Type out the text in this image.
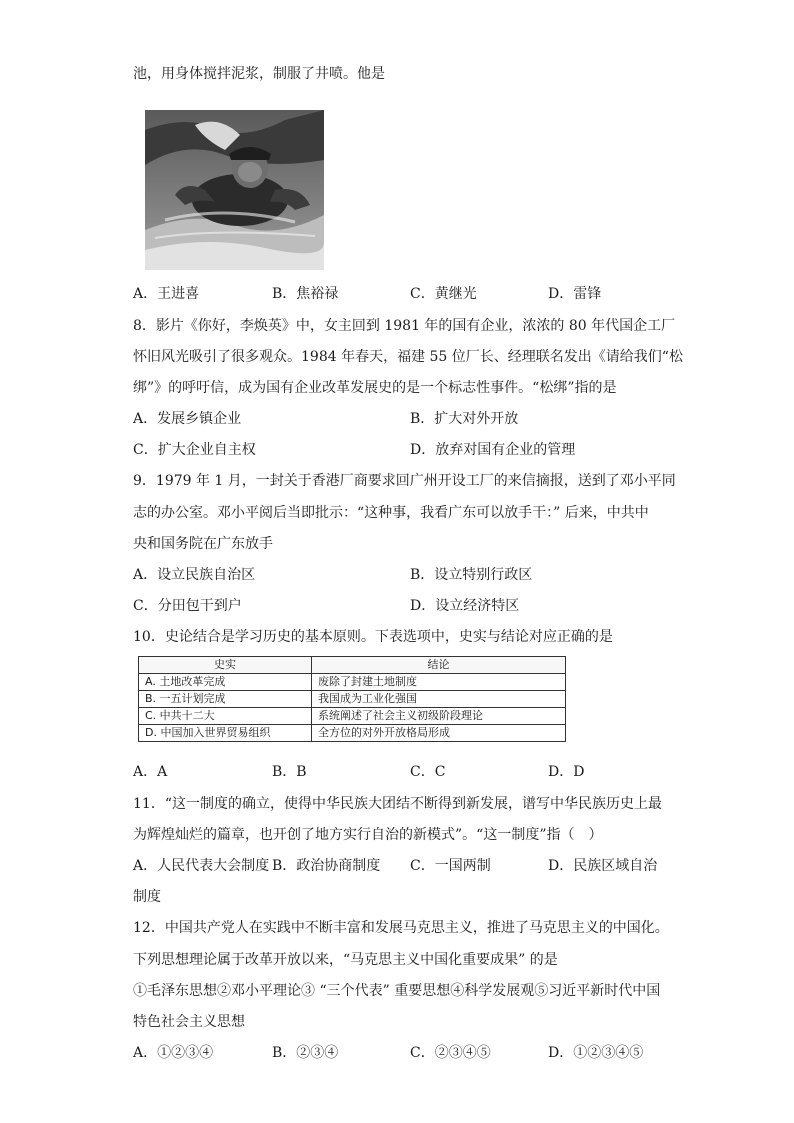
池，用身体搅拌泥浆，制服了井喷。他是
A．王进喜	B．焦裕禄	C．黄继光	D．雷锋
8．影片《你好，李焕英》中，女主回到 1981 年的国有企业，浓浓的 80 年代国企工厂
怀旧风光吸引了很多观众。1984 年春天，福建 55 位厂长、经理联名发出《请给我们“松
绑”》的呼吁信，成为国有企业改革发展史的是一个标志性事件。“松绑”指的是
A．发展乡镇企业	B．扩大对外开放
C．扩大企业自主权	D．放弃对国有企业的管理
9．1979 年 1 月，一封关于香港厂商要求回广州开设工厂的来信摘报，送到了邓小平同
志的办公室。邓小平阅后当即批示：“这种事，我看广东可以放手干：” 后来，中共中
央和国务院在广东放手
A．设立民族自治区	B．设立特别行政区
C．分田包干到户	D．设立经济特区
10．史论结合是学习历史的基本原则。下表选项中，史实与结论对应正确的是
史实	结论
A. 土地改革完成	废除了封建土地制度
B. 一五计划完成	我国成为工业化强国
C. 中共十二大	系统阐述了社会主义初级阶段理论
D. 中国加入世界贸易组织	全方位的对外开放格局形成
A．A	B．B	C．C	D．D
11．“这一制度的确立，使得中华民族大团结不断得到新发展，谱写中华民族历史上最
为辉煌灿烂的篇章，也开创了地方实行自治的新模式”。“这一制度”指（　）
A．人民代表大会制度 B．政治协商制度 C．一国两制	D．民族区域自治
制度
12．中国共产党人在实践中不断丰富和发展马克思主义，推进了马克思主义的中国化。
下列思想理论属于改革开放以来，“马克思主义中国化重要成果” 的是
①毛泽东思想②邓小平理论③ “三个代表” 重要思想④科学发展观⑤习近平新时代中国
特色社会主义思想
A．①②③④	B．②③④	C．②③④⑤	D．①②③④⑤
